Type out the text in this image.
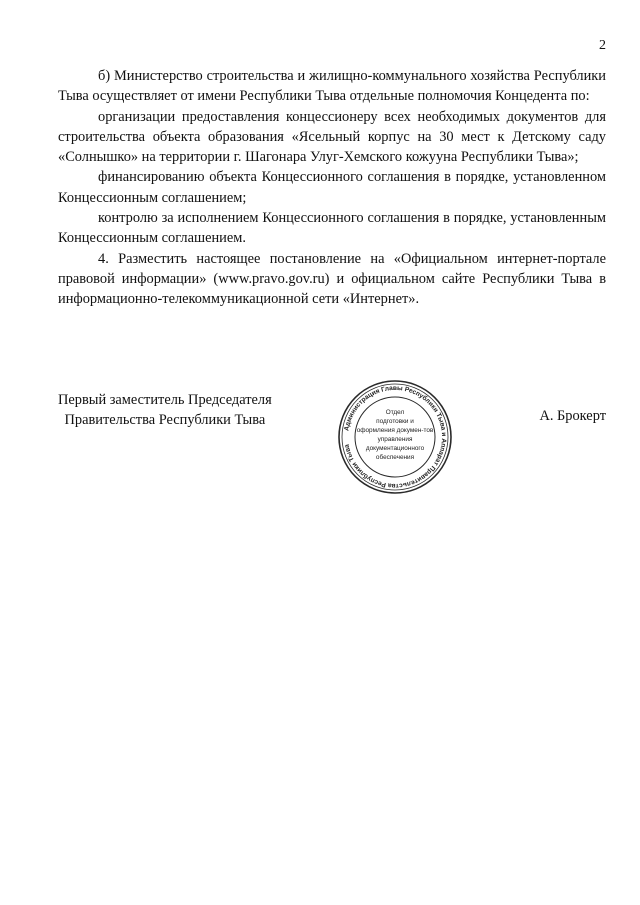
2

б) Министерство строительства и жилищно-коммунального хозяйства Республики Тыва осуществляет от имени Республики Тыва отдельные полномочия Концедента по:

организации предоставления концессионеру всех необходимых документов для строительства объекта образования «Ясельный корпус на 30 мест к Детскому саду «Солнышко» на территории г. Шагонара Улуг-Хемского кожууна Республики Тыва»;

финансированию объекта Концессионного соглашения в порядке, установленном Концессионным соглашением;

контролю за исполнением Концессионного соглашения в порядке, установленным Концессионным соглашением.

4. Разместить настоящее постановление на «Официальном интернет-портале правовой информации» (www.pravo.gov.ru) и официальном сайте Республики Тыва в информационно-телекоммуникационной сети «Интернет».

Первый заместитель Председателя
Правительства Республики Тыва
Администрация Главы Республики Тыва и Аппарат Правительства Республики Тыва
Отдел
подготовки и
оформления докумен-тов
управления
документационного
обеспечения
А. Брокерт
